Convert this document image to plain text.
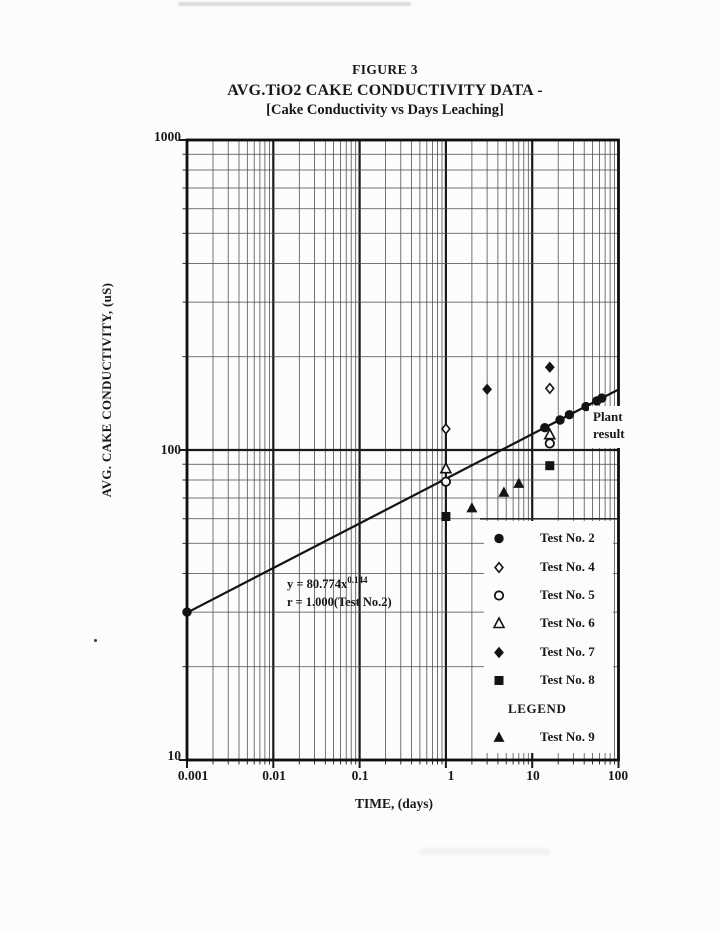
FIGURE 3
AVG.TiO2 CAKE CONDUCTIVITY DATA -
[Cake Conductivity vs Days Leaching]
AVG. CAKE CONDUCTIVITY, (uS)
TIME, (days)
1000
100
10
0.001	0.01	0.1	1	10	100
$y = 80.774x^{0.144}$
r = 1.000(Test No.2)
Plant
result
Test No. 2
Test No. 4
Test No. 5
Test No. 6
Test No. 7
Test No. 8
LEGEND
Test No. 9
